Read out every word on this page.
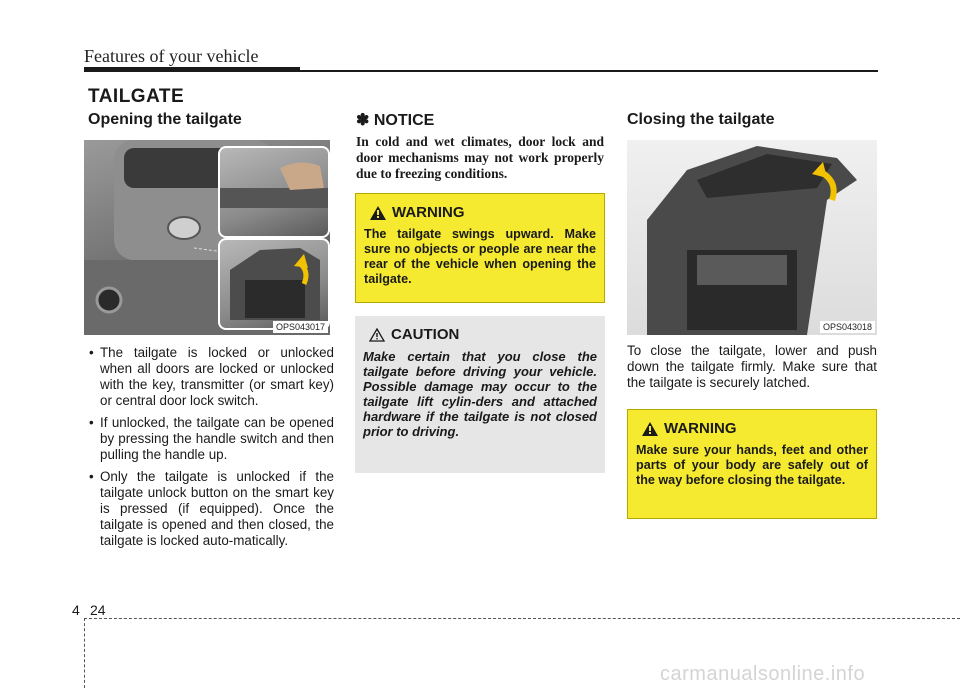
Features of your vehicle
TAILGATE
Opening the tailgate
OPS043017
• The tailgate is locked or unlocked when all doors are locked or unlocked with the key, transmitter (or smart key) or central door lock switch.
• If unlocked, the tailgate can be opened by pressing the handle switch and then pulling the handle up.
• Only the tailgate is unlocked if the tailgate unlock button on the smart key is pressed (if equipped). Once the tailgate is opened and then closed, the tailgate is locked auto-matically.
✽ NOTICE
In cold and wet climates, door lock and door mechanisms may not work properly due to freezing conditions.
WARNING
The tailgate swings upward. Make sure no objects or people are near the rear of the vehicle when opening the tailgate.
CAUTION
Make certain that you close the tailgate before driving your vehicle. Possible damage may occur to the tailgate lift cylin-ders and attached hardware if the tailgate is not closed prior to driving.
Closing the tailgate
OPS043018
To close the tailgate, lower and push down the tailgate firmly. Make sure that the tailgate is securely latched.
WARNING
Make sure your hands, feet and other parts of your body are safely out of the way before closing the tailgate.
4 24
carmanualsonline.info
